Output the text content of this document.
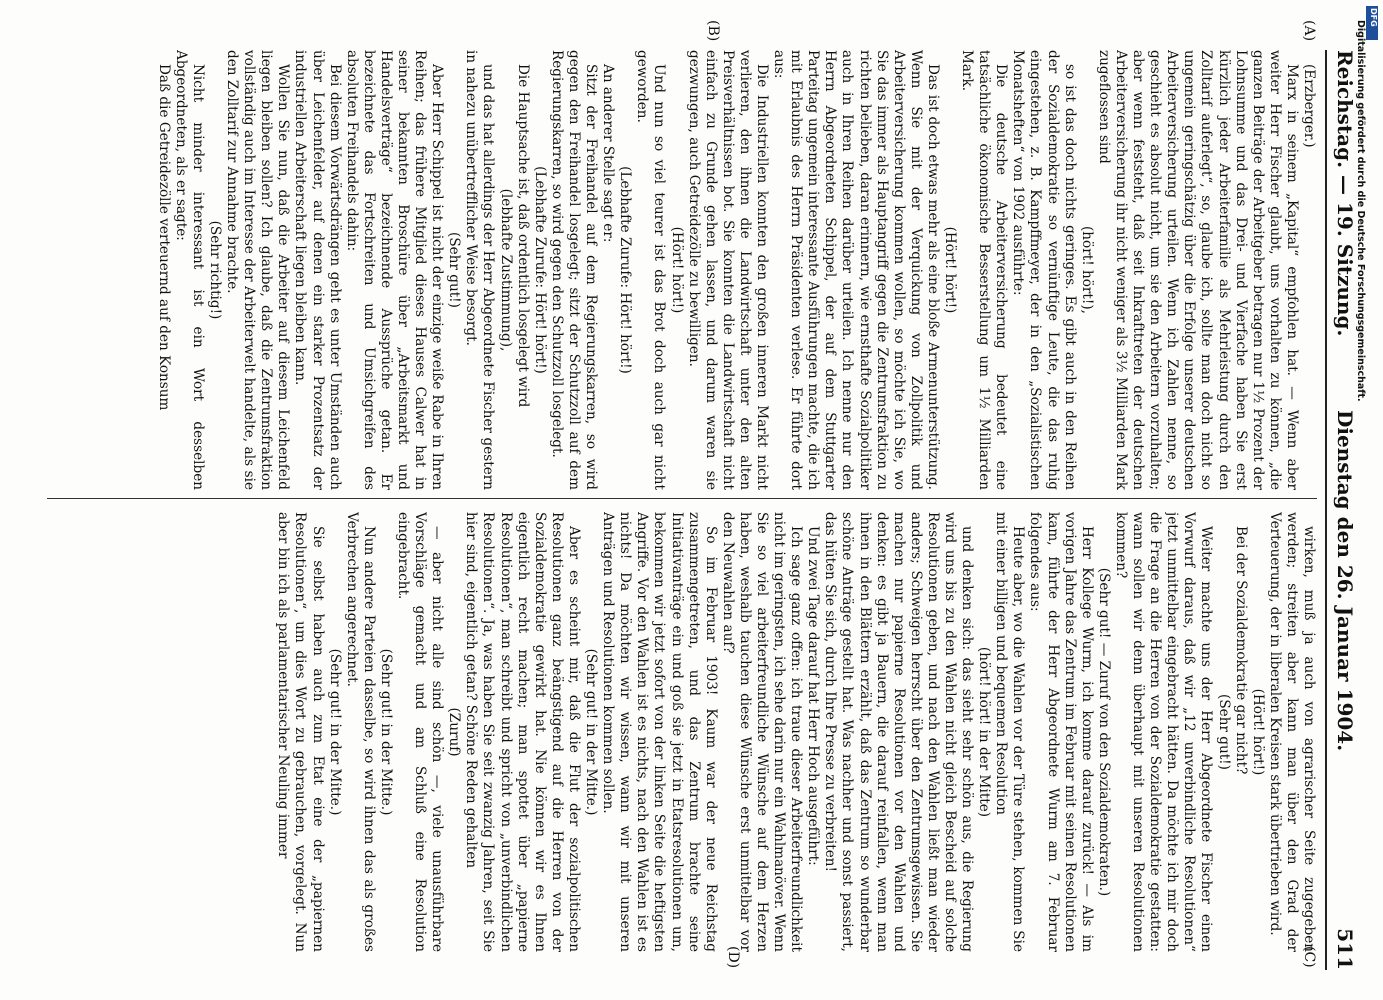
Reichstag. — 19. Sitzung.
Dienstag den 26. Januar 1904.
511
(A)
(B)
(C)
(D)

(Erzberger.)

Marx in seinem „Kapital“ empfohlen hat. — Wenn aber weiter Herr Fischer glaubt, uns vorhalten zu können, „die ganzen Beiträge der Arbeitgeber betragen nur 1½ Prozent der Lohnsumme und das Drei- und Vierfache haben Sie erst kürzlich jeder Arbeiterfamilie als Mehrleistung durch den Zolltarif auferlegt“, so, glaube ich, sollte man doch nicht so ungemein geringschätzig über die Erfolge unserer deutschen Arbeiterversicherung urteilen. Wenn ich Zahlen nenne, so geschieht es absolut nicht, um sie den Arbeitern vorzuhalten; aber wenn feststeht, daß seit Inkrafttreten der deutschen Arbeiterversicherung ihr nicht weniger als 3½ Milliarden Mark zugeflossen sind

(hört! hört!),

so ist das doch nichts geringes. Es gibt auch in den Reihen der Sozialdemokratie so vernünftige Leute, die das ruhig eingestehen, z. B. Kampffmeyer, der in den „Sozialistischen Monatsheften“ von 1902 ausführte:

Die deutsche Arbeiterversicherung bedeutet eine tatsächliche ökonomische Besserstellung um 1½ Milliarden Mark.

(Hört! hört!)

Das ist doch etwas mehr als eine bloße Armenunterstützung. Wenn Sie mit der Verquickung von Zollpolitik und Arbeiterversicherung kommen wollen, so möchte ich Sie, wo Sie das immer als Hauptangriff gegen die Zentrumsfraktion zu richten belieben, daran erinnern, wie ernsthafte Sozialpolitiker auch in Ihren Reihen darüber urteilen. Ich nenne nur den Herrn Abgeordneten Schippel, der auf dem Stuttgarter Parteitag ungemein interessante Ausführungen machte, die ich mit Erlaubnis des Herrn Präsidenten verlese. Er führte dort aus:

Die Industriellen konnten den großen inneren Markt nicht verlieren, den ihnen die Landwirtschaft unter den alten Preisverhältnissen bot. Sie konnten die Landwirtschaft nicht einfach zu Grunde gehen lassen, und darum waren sie gezwungen, auch Getreidezölle zu bewilligen.

(Hört! hört!)

Und nun so viel teurer ist das Brot doch auch gar nicht geworden.

(Lebhafte Zurufe: Hört! hört!)

An anderer Stelle sagt er:

Sitzt der Freihandel auf dem Regierungskarren, so wird gegen den Freihandel losgelegt; sitzt der Schutzzoll auf dem Regierungskarren, so wird gegen den Schutzzoll losgelegt.

(Lebhafte Zurufe: Hört! hört!)

Die Hauptsache ist, daß ordentlich losgelegt wird

(lebhafte Zustimmung),

und das hat allerdings der Herr Abgeordnete Fischer gestern in nahezu unübertrefflicher Weise besorgt.

(Sehr gut!)

Aber Herr Schippel ist nicht der einzige weiße Rabe in Ihren Reihen; das frühere Mitglied dieses Hauses Calwer hat in seiner bekannten Broschüre über „Arbeitsmarkt und Handelsverträge“ bezeichnende Aussprüche getan. Er bezeichnete das Fortschreiten und Umsichgreifen des absoluten Freihandels dahin:

Bei diesem Vorwärtsdrängen geht es unter Umständen auch über Leichenfelder, auf denen ein starker Prozentsatz der industriellen Arbeiterschaft liegen bleiben kann.

Wollen Sie nun, daß die Arbeiter auf diesem Leichenfeld liegen bleiben sollen? Ich glaube, daß die Zentrumsfraktion vollständig auch im Interesse der Arbeiterwelt handelte, als sie den Zolltarif zur Annahme brachte.

(Sehr richtig!)

Nicht minder interessant ist ein Wort desselben Abgeordneten, als er sagte:

Daß die Getreidezölle verteuernd auf den Konsum

wirken, muß ja auch von agrarischer Seite zugegeben werden; streiten aber kann man über den Grad der Verteuerung, der in liberalen Kreisen stark übertrieben wird.

(Hört! hört!)

Bei der Sozialdemokratie gar nicht?

(Sehr gut!)

Weiter machte uns der Herr Abgeordnete Fischer einen Vorwurf daraus, daß wir „12 unverbindliche Resolutionen“ jetzt unmittelbar eingebracht hätten. Da möchte ich mir doch die Frage an die Herren von der Sozialdemokratie gestatten: wann sollen wir denn überhaupt mit unseren Resolutionen kommen?

(Sehr gut! — Zuruf von den Sozialdemokraten.)

Herr Kollege Wurm, ich komme darauf zurück! — Als im vorigen Jahre das Zentrum im Februar mit seinen Resolutionen kam, führte der Herr Abgeordnete Wurm am 7. Februar folgendes aus:

Heute aber, wo die Wahlen vor der Türe stehen, kommen Sie mit einer billigen und bequemen Resolution

(hört! hört! in der Mitte)

und denken sich: das sieht sehr schön aus, die Regierung wird uns bis zu den Wahlen nicht gleich Bescheid auf solche Resolutionen geben, und nach den Wahlen ließt man wieder anders; Schweigen herrscht über den Zentrumsgewissen. Sie machen nur papierne Resolutionen vor den Wahlen und denken: es gibt ja Bauern, die darauf reinfallen, wenn man ihnen in den Blättern erzählt, daß das Zentrum so wunderbar schöne Anträge gestellt hat. Was nachher und sonst passiert, das hüten Sie sich, durch Ihre Presse zu verbreiten!

Und zwei Tage darauf hat Herr Hoch ausgeführt:

Ich sage ganz offen: ich traue dieser Arbeiterfreundlichkeit nicht im geringsten, ich sehe darin nur ein Wahlmanöver. Wenn Sie so viel arbeiterfreundliche Wünsche auf dem Herzen haben, weshalb tauchen diese Wünsche erst unmittelbar vor den Neuwahlen auf?

So im Februar 1903! Kaum war der neue Reichstag zusammengetreten, und das Zentrum brachte seine Initiativanträge ein und goß sie jetzt in Etatsresolutionen um, bekommen wir jetzt sofort von der linken Seite die heftigsten Angriffe. Vor den Wahlen ist es nichts, nach den Wahlen ist es nichts! Da möchten wir wissen, wann wir mit unseren Anträgen und Resolutionen kommen sollen.

(Sehr gut! in der Mitte.)

Aber es scheint mir, daß die Flut der sozialpolitischen Resolutionen ganz beängstigend auf die Herren von der Sozialdemokratie gewirkt hat. Nie können wir es Ihnen eigentlich recht machen; man spottet über „papierne Resolutionen“, man schreibt und spricht von „unverbindlichen Resolutionen“. Ja, was haben Sie seit zwanzig Jahren, seit Sie hier sind, eigentlich getan? Schöne Reden gehalten

(Zuruf)

— aber nicht alle sind schön —, viele unausführbare Vorschläge gemacht und am Schluß eine Resolution eingebracht.

(Sehr gut! in der Mitte.)

Nun andere Parteien dasselbe, so wird ihnen das als großes Verbrechen angerechnet.

(Sehr gut! in der Mitte.)

Sie selbst haben auch zum Etat eine der „papiernen Resolutionen“, um dies Wort zu gebrauchen, vorgelegt. Nun aber bin ich als parlamentarischer Neuling immer

DFG
Digitalisierung gefördert durch die Deutsche Forschungsgemeinschaft.
